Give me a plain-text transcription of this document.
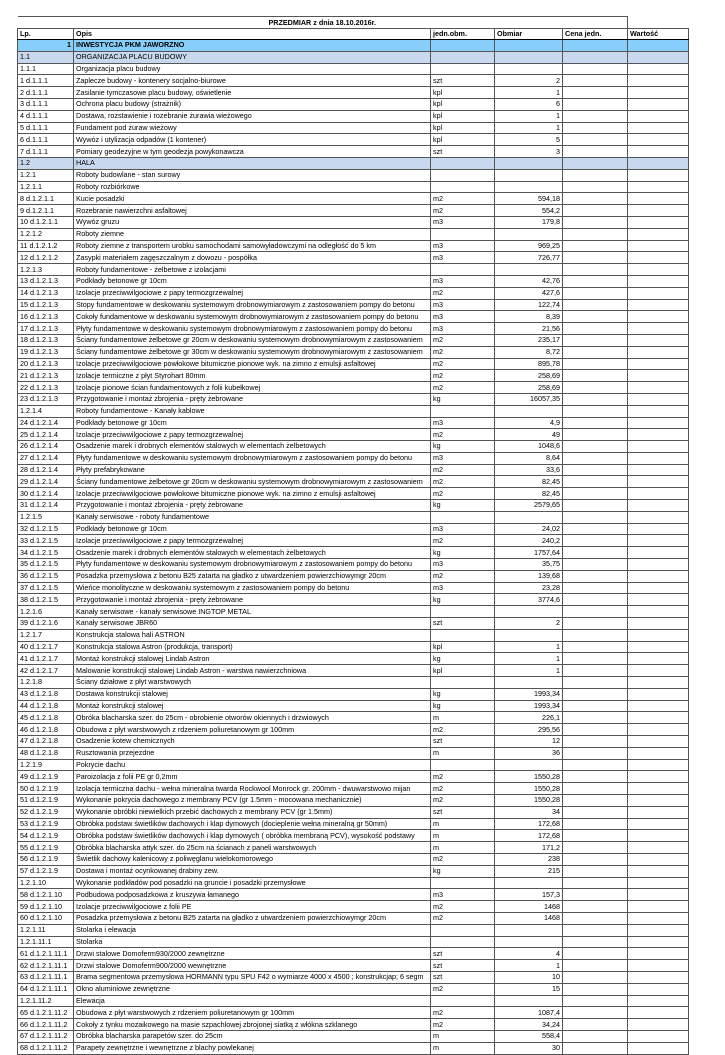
PRZEDMIAR z dnia 18.10.2016r.					
Lp.	Opis	jedn.obm.	Obmiar	Cena jedn.	Wartość
1	INWESTYCJA PKM JAWORZNO				
1.1	ORGANIZACJA PLACU BUDOWY				
1.1.1	Organizacja placu budowy				
1 d.1.1.1	Zaplecze budowy - kontenery socjalno-biurowe	szt	2		
2 d.1.1.1	Zasilanie tymczasowe placu budowy, oświetlenie	kpl	1		
3 d.1.1.1	Ochrona placu budowy (strażnik)	kpl	6		
4 d.1.1.1	Dostawa, rozstawienie i rozebranie żurawia wieżowego	kpl	1		
5 d.1.1.1	Fundament pod żuraw wieżowy	kpl	1		
6 d.1.1.1	Wywóz i utylizacja odpadów (1 kontener)	kpl	5		
7 d.1.1.1	Pomiary geodezyjne w tym geodezja powykonawcza	szt	3		
1.2	HALA				
1.2.1	Roboty budowlane - stan surowy				
1.2.1.1	Roboty rozbiórkowe				
8 d.1.2.1.1	Kucie posadzki	m2	594,18		
9 d.1.2.1.1	Rozebranie nawierzchni asfaltowej	m2	554,2		
10 d.1.2.1.1	Wywóz gruzu	m3	179,8		
1.2.1.2	Roboty ziemne				
11 d.1.2.1.2	Roboty ziemne z transportem urobku samochodami samowyładowczymi na odległość do 5 km	m3	969,25		
12 d.1.2.1.2	Zasypki materiałem zagęszczalnym z dowozu - pospółka	m3	726,77		
1.2.1.3	Roboty fundamentowe - żelbetowe z izolacjami				
13 d.1.2.1.3	Podkłady betonowe gr 10cm	m3	42,76		
14 d.1.2.1.3	Izolacje przeciwwilgociowe z papy termozgrzewalnej	m2	427,6		
15 d.1.2.1.3	Stopy fundamentowe w deskowaniu systemowym drobnowymiarowym z zastosowaniem pompy do betonu	m3	122,74		
16 d.1.2.1.3	Cokoły fundamentowe w deskowaniu systemowym drobnowymiarowym z zastosowaniem pompy do betonu	m3	8,39		
17 d.1.2.1.3	Płyty fundamentowe w deskowaniu systemowym drobnowymiarowym z zastosowaniem pompy do betonu	m3	21,56		
18 d.1.2.1.3	Ściany fundamentowe żelbetowe gr 20cm w deskowaniu systemowym drobnowymiarowym z zastosowaniem	m2	235,17		
19 d.1.2.1.3	Ściany fundamentowe żelbetowe gr 30cm w deskowaniu systemowym drobnowymiarowym z zastosowaniem	m2	8,72		
20 d.1.2.1.3	Izolacje przeciwwilgociowe powłokowe bitumiczne pionowe wyk. na zimno z emulsji asfaltowej	m2	895,78		
21 d.1.2.1.3	Izolacje termiczne z płyt Styrohart 80mm	m2	258,69		
22 d.1.2.1.3	Izolacje pionowe ścian fundamentowych z folii kubełkowej	m2	258,69		
23 d.1.2.1.3	Przygotowanie i montaż zbrojenia - pręty żebrowane	kg	16057,35		
1.2.1.4	Roboty fundamentowe - Kanały kablowe				
24 d.1.2.1.4	Podkłady betonowe gr 10cm	m3	4,9		
25 d.1.2.1.4	Izolacje przeciwwilgociowe z papy termozgrzewalnej	m2	49		
26 d.1.2.1.4	Osadzenie marek i drobnych elementów stalowych w elementach żelbetowych	kg	1048,6		
27 d.1.2.1.4	Płyty fundamentowe w deskowaniu systemowym drobnowymiarowym z zastosowaniem pompy do betonu	m3	8,64		
28 d.1.2.1.4	Płyty prefabrykowane	m2	33,6		
29 d.1.2.1.4	Ściany fundamentowe żelbetowe gr 20cm w deskowaniu systemowym drobnowymiarowym z zastosowaniem	m2	82,45		
30 d.1.2.1.4	Izolacje przeciwwilgociowe powłokowe bitumiczne pionowe wyk. na zimno z emulsji asfaltowej	m2	82,45		
31 d.1.2.1.4	Przygotowanie i montaż zbrojenia - pręty żebrowane	kg	2579,65		
1.2.1.5	Kanały serwisowe - roboty fundamentowe				
32 d.1.2.1.5	Podkłady betonowe gr 10cm	m3	24,02		
33 d.1.2.1.5	Izolacje przeciwwilgociowe z papy termozgrzewalnej	m2	240,2		
34 d.1.2.1.5	Osadzenie marek i drobnych elementów stalowych w elementach żelbetowych	kg	1757,64		
35 d.1.2.1.5	Płyty fundamentowe w deskowaniu systemowym drobnowymiarowym z zastosowaniem pompy do betonu	m3	35,75		
36 d.1.2.1.5	Posadzka przemysłowa z betonu B25 zatarta na gładko z utwardzeniem powierzchiowymgr 20cm	m2	139,68		
37 d.1.2.1.5	Wieńce monolityczne w deskowaniu systemowym z zastosowaniem pompy do betonu	m3	23,28		
38 d.1.2.1.5	Przygotowanie i montaż zbrojenia - pręty żebrowane	kg	3774,6		
1.2.1.6	Kanały serwisowe - kanały serwisowe INGTOP METAL				
39 d.1.2.1.6	Kanały serwisowe JBR60	szt	2		
1.2.1.7	Konstrukcja stalowa hali ASTRON				
40 d.1.2.1.7	Konstrukcja stalowa Astron (produkcja, transport)	kpl	1		
41 d.1.2.1.7	Montaż konstrukcji stalowej Lindab Astron	kg	1		
42 d.1.2.1.7	Malowanie konstrukcji stalowej Lindab Astron - warstwa nawierzchniowa	kpl	1		
1.2.1.8	Ściany działowe z płyt warstwowych				
43 d.1.2.1.8	Dostawa konstrukcji stalowej	kg	1993,34		
44 d.1.2.1.8	Montaż konstrukcji stalowej	kg	1993,34		
45 d.1.2.1.8	Obróka blacharska szer. do 25cm - obrobienie otworów okiennych i drzwiowych	m	226,1		
46 d.1.2.1.8	Obudowa z płyt warstwowych z rdzeniem poliuretanowym gr 100mm	m2	295,56		
47 d.1.2.1.8	Osadzenie kotew chemicznych	szt	12		
48 d.1.2.1.8	Rusztowania przejezdne	m	36		
1.2.1.9	Pokrycie dachu				
49 d.1.2.1.9	Paroizolacja z folii PE gr 0,2mm	m2	1550,28		
50 d.1.2.1.9	Izolacja termiczna dachu - wełna mineralna twarda Rockwool Monrock gr. 200mm - dwuwarstwowo mijan	m2	1550,28		
51 d.1.2.1.9	Wykonanie pokrycia dachowego z membrany PCV (gr 1.5mm - mocowana mechanicznie)	m2	1550,28		
52 d.1.2.1.9	Wykonanie obróbki niewielkich przebić dachowych z membrany PCV (gr 1.5mm)	szt	34		
53 d.1.2.1.9	Obróbka podstaw świetlików dachowych i klap dymowych (docieplenie wełna mineralną gr 50mm)	m	172,68		
54 d.1.2.1.9	Obróbka podstaw świetlików dachowych i klap dymowych ( obróbka membraną PCV), wysokość podstawy	m	172,68		
55 d.1.2.1.9	Obróbka blacharska attyk szer. do 25cm na ścianach z paneli warstwowych	m	171,2		
56 d.1.2.1.9	Świetlik dachowy kalenicowy z poliwęglanu wielokomorowego	m2	238		
57 d.1.2.1.9	Dostawa i montaż ocynkowanej drabiny zew.	kg	215		
1.2.1.10	Wykonanie podkładów pod posadzki na gruncie i posadzki przemysłowe				
58 d.1.2.1.10	Podbudowa podposadzkowa z kruszywa łamanego	m3	157,3		
59 d.1.2.1.10	Izolacje przeciwwilgociowe z folii PE	m2	1468		
60 d.1.2.1.10	Posadzka przemysłowa z betonu B25 zatarta na gładko z utwardzeniem powierzchiowymgr 20cm	m2	1468		
1.2.1.11	Stolarka i elewacja				
1.2.1.11.1	Stolarka				
61 d.1.2.1.11.1	Drzwi stalowe Domoferm930/2000 zewnętrzne	szt	4		
62 d.1.2.1.11.1	Drzwi stalowe Domoferm900/2000 wewnętrzne	szt	1		
63 d.1.2.1.11.1	Brama segmentowa przemysłowa HORMANN typu SPU F42 o wymiarze 4000 x 4500 ; konstrukcjap; 6 segm	szt	10		
64 d.1.2.1.11.1	Okno aluminiowe zewnętrzne	m2	15		
1.2.1.11.2	Elewacja				
65 d.1.2.1.11.2	Obudowa z płyt warstwowych z rdzeniem poliuretanowym gr 100mm	m2	1087,4		
66 d.1.2.1.11.2	Cokoły z tynku mozaikowego na masie szpachlowej zbrojonej siatką z włókna szklanego	m2	34,24		
67 d.1.2.1.11.2	Obróbka blacharska parapetów szer. do 25cm	m	558,4		
68 d.1.2.1.11.2	Parapety zewnętrzne i wewnętrzne z blachy powlekanej	m	30		
